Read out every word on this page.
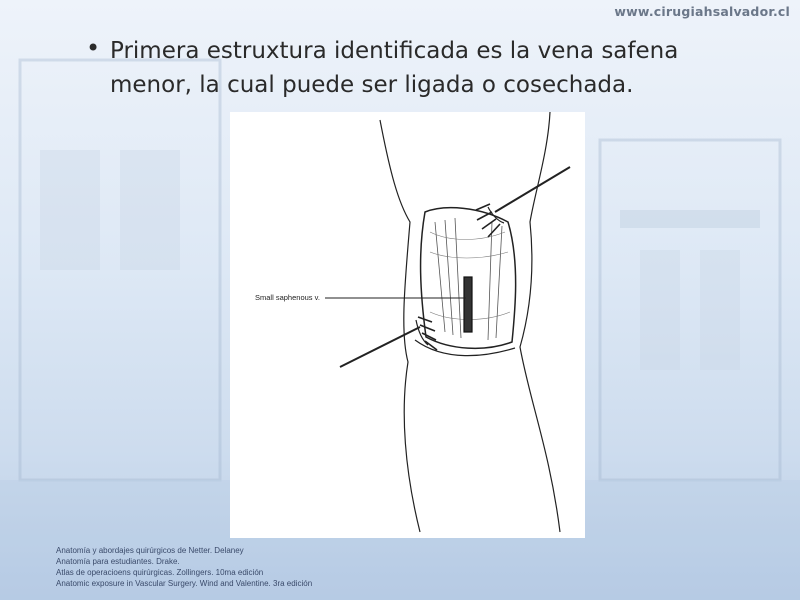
www.cirugiahsalvador.cl
• Primera estruxtura identificada es la vena safena menor, la cual puede ser ligada o cosechada.
Small saphenous v.
Anatomía y abordajes quirúrgicos de Netter. Delaney
Anatomía para estudiantes. Drake.
Atlas de operacioens quirúrgicas. Zollingers. 10ma edición
Anatomic exposure in Vascular Surgery. Wind and Valentine. 3ra edición
